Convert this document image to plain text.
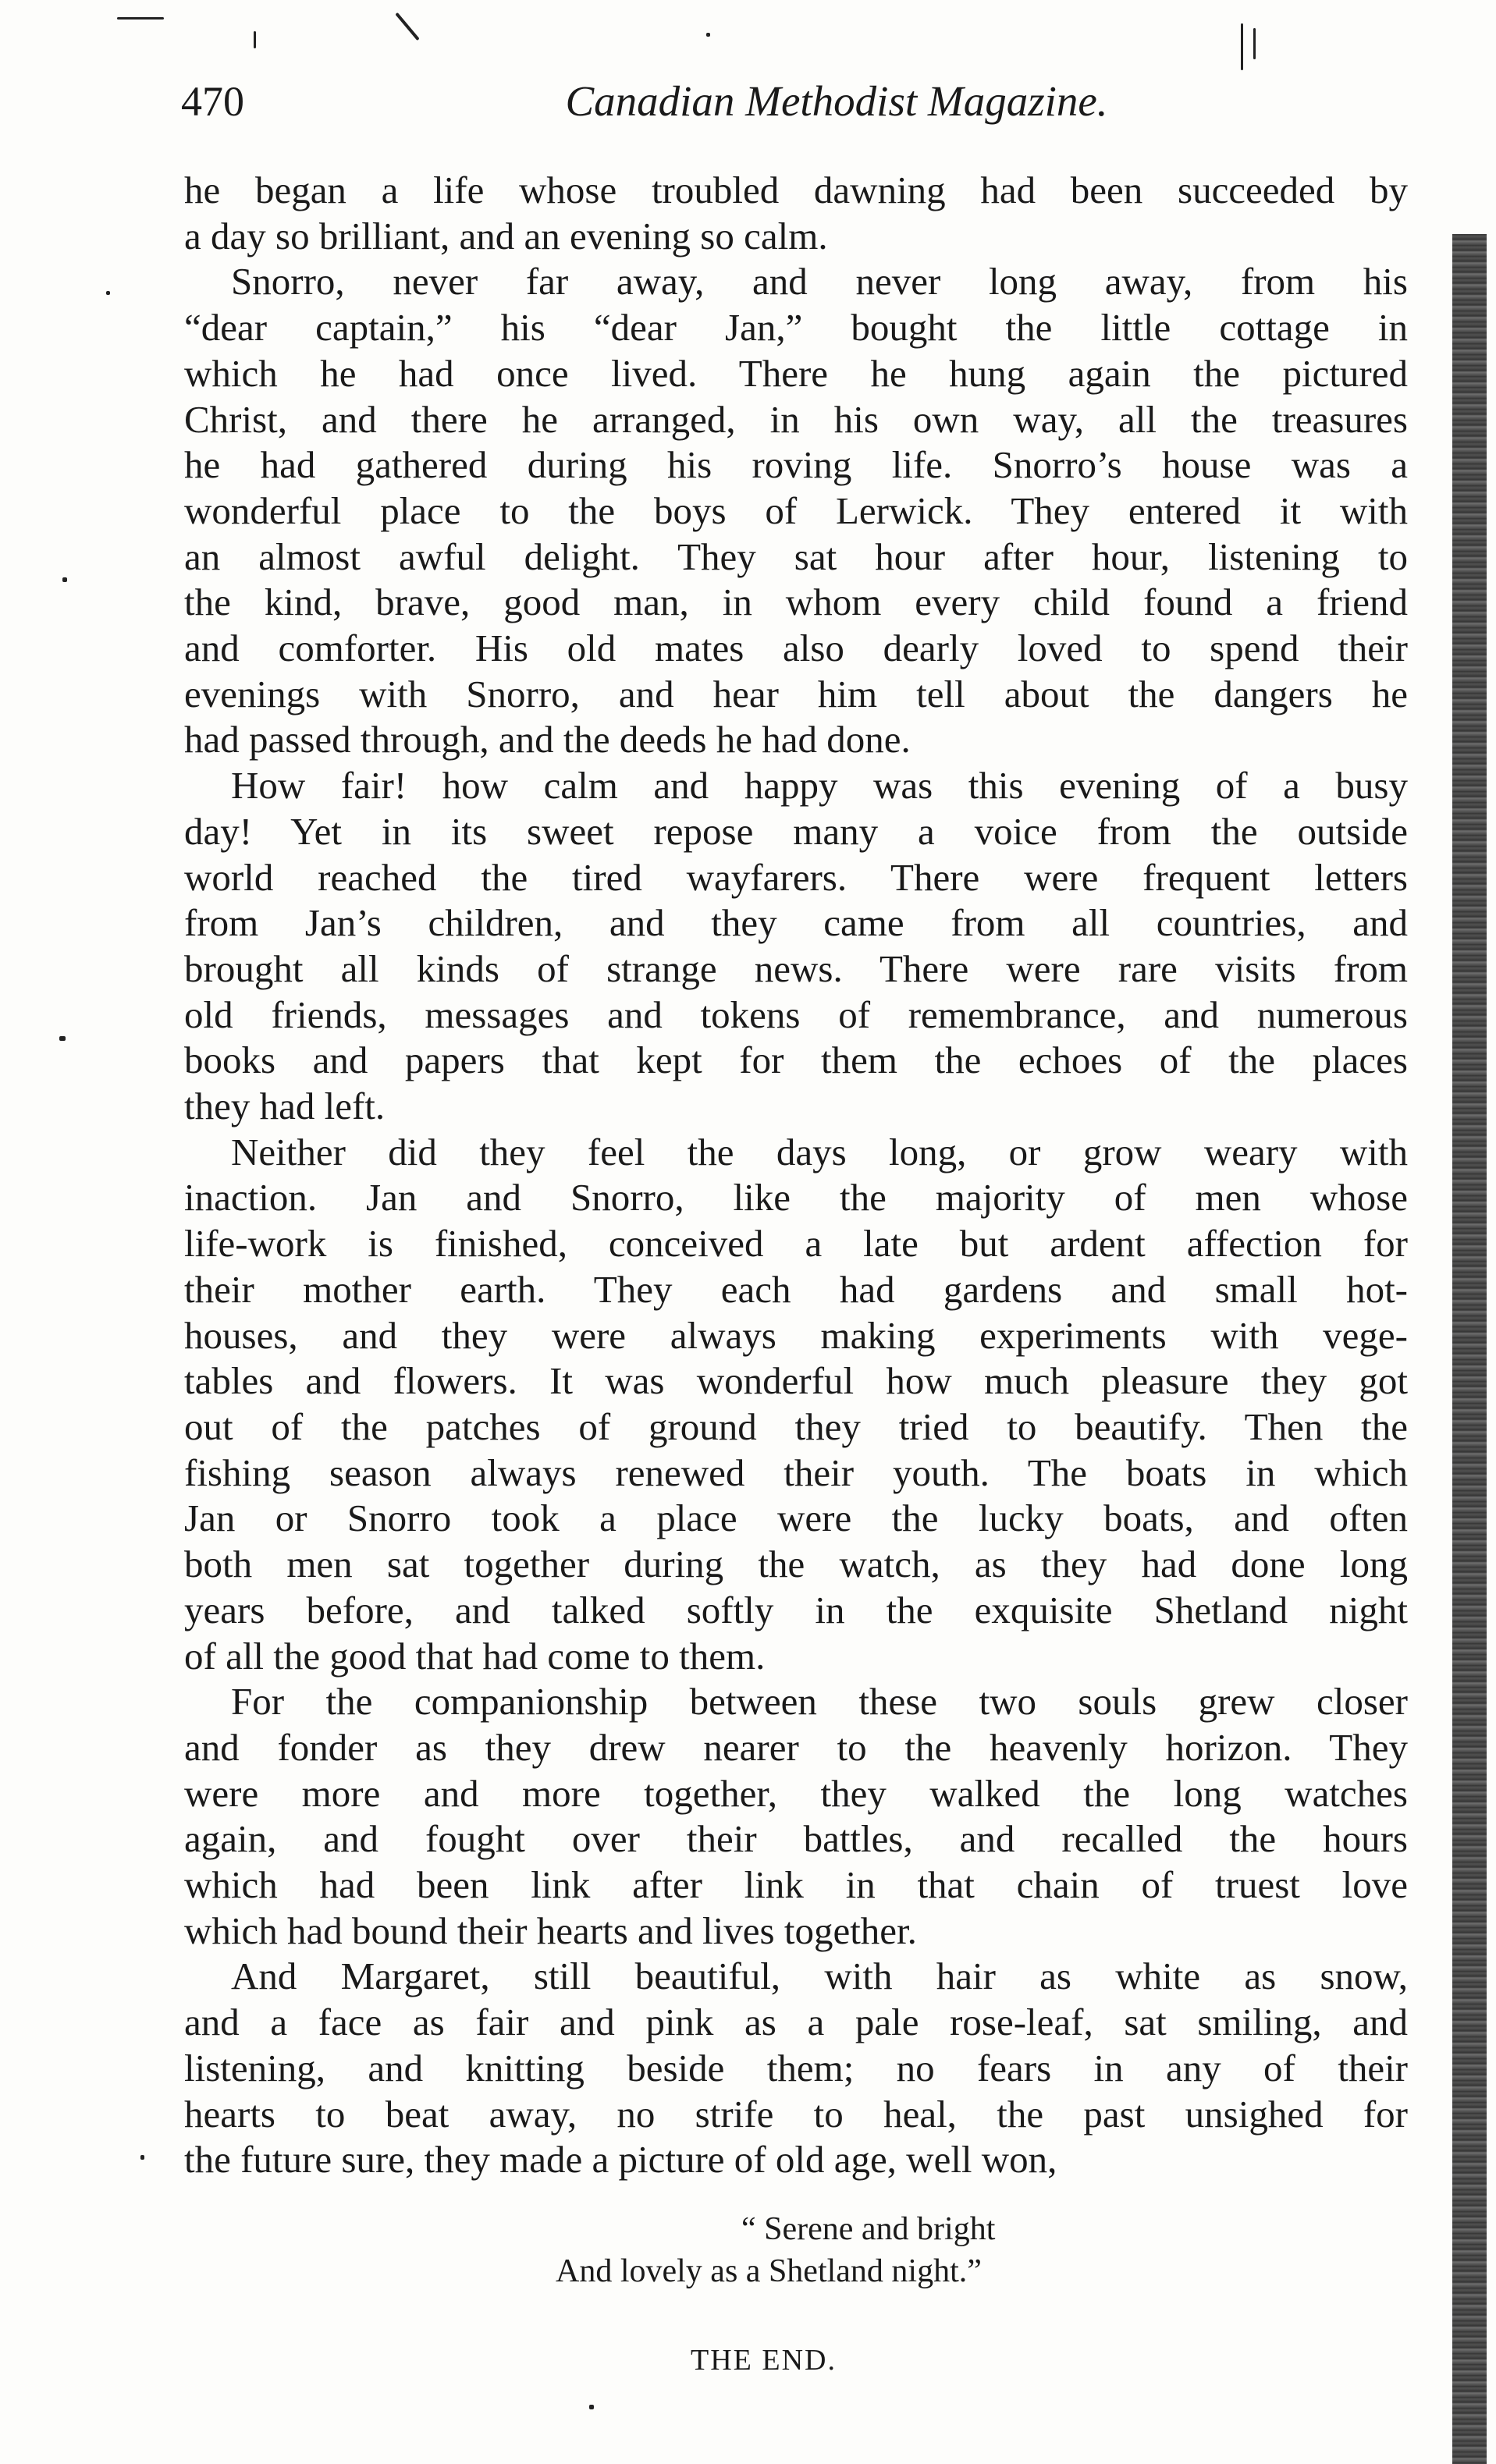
470	Canadian Methodist Magazine.
he began a life whose troubled dawning had been succeeded by
a day so brilliant, and an evening so calm.
Snorro, never far away, and never long away, from his
“dear captain,” his “dear Jan,” bought the little cottage in
which he had once lived. There he hung again the pictured
Christ, and there he arranged, in his own way, all the treasures
he had gathered during his roving life. Snorro’s house was a
wonderful place to the boys of Lerwick. They entered it with
an almost awful delight. They sat hour after hour, listening to
the kind, brave, good man, in whom every child found a friend
and comforter. His old mates also dearly loved to spend their
evenings with Snorro, and hear him tell about the dangers he
had passed through, and the deeds he had done.
How fair! how calm and happy was this evening of a busy
day! Yet in its sweet repose many a voice from the outside
world reached the tired wayfarers. There were frequent letters
from Jan’s children, and they came from all countries, and
brought all kinds of strange news. There were rare visits from
old friends, messages and tokens of remembrance, and numerous
books and papers that kept for them the echoes of the places
they had left.
Neither did they feel the days long, or grow weary with
inaction. Jan and Snorro, like the majority of men whose
life-work is finished, conceived a late but ardent affection for
their mother earth. They each had gardens and small hot-
houses, and they were always making experiments with vege-
tables and flowers. It was wonderful how much pleasure they got
out of the patches of ground they tried to beautify. Then the
fishing season always renewed their youth. The boats in which
Jan or Snorro took a place were the lucky boats, and often
both men sat together during the watch, as they had done long
years before, and talked softly in the exquisite Shetland night
of all the good that had come to them.
For the companionship between these two souls grew closer
and fonder as they drew nearer to the heavenly horizon. They
were more and more together, they walked the long watches
again, and fought over their battles, and recalled the hours
which had been link after link in that chain of truest love
which had bound their hearts and lives together.
And Margaret, still beautiful, with hair as white as snow,
and a face as fair and pink as a pale rose-leaf, sat smiling, and
listening, and knitting beside them; no fears in any of their
hearts to beat away, no strife to heal, the past unsighed for
the future sure, they made a picture of old age, well won,
“ Serene and bright
And lovely as a Shetland night.”
THE END.
